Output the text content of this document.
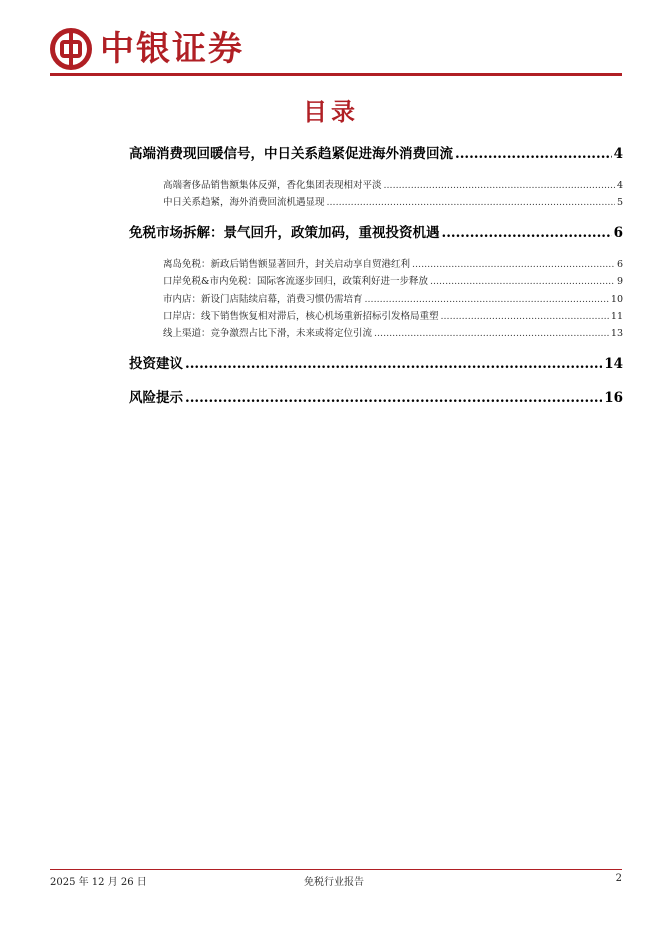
中银证券
目录
高端消费现回暖信号，中日关系趋紧促进海外消费回流 .....	4
高端奢侈品销售额集体反弹，香化集团表现相对平淡 .....	4
中日关系趋紧，海外消费回流机遇显现 .....	5
免税市场拆解：景气回升，政策加码，重视投资机遇 .....	6
离岛免税：新政后销售额显著回升，封关启动享自贸港红利 .....	6
口岸免税&市内免税：国际客流逐步回归，政策利好进一步释放 .....	9
市内店：新设门店陆续启幕，消费习惯仍需培育 .....	10
口岸店：线下销售恢复相对滞后，核心机场重新招标引发格局重塑 .....	11
线上渠道：竞争激烈占比下滑，未来或将定位引流 .....	13
投资建议 .....	14
风险提示 .....	16
2025 年 12 月 26 日	免税行业报告	2
